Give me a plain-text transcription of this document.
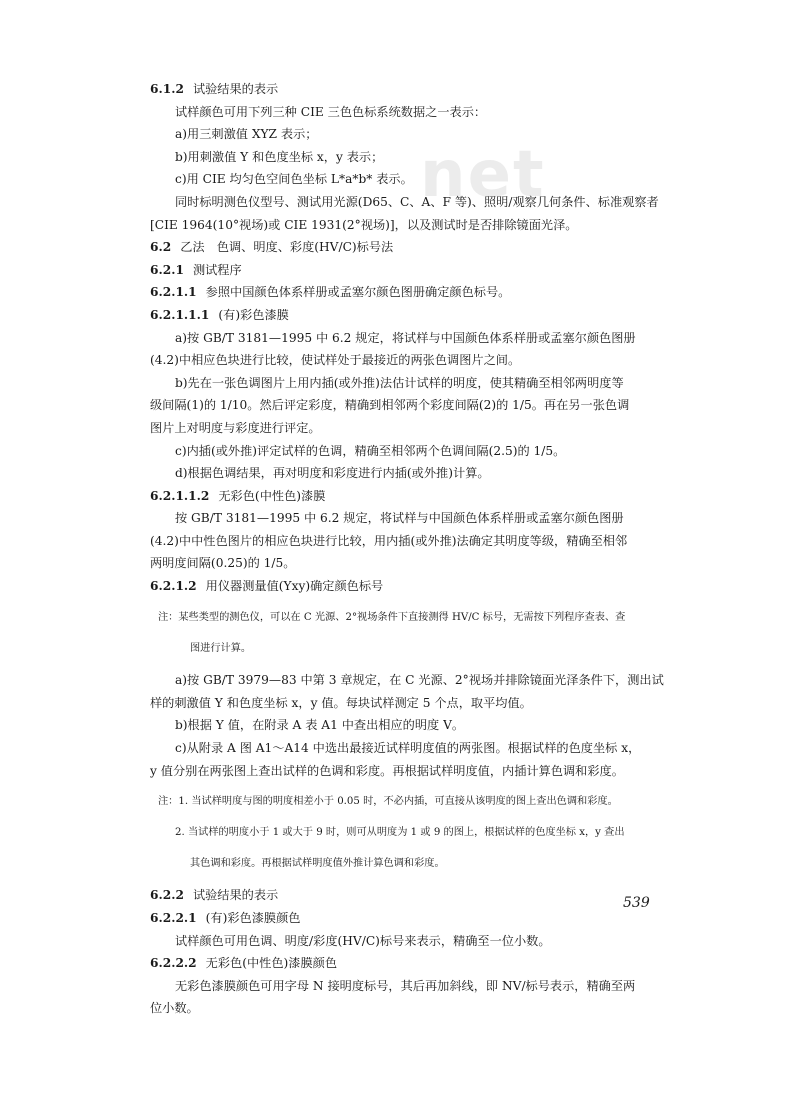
net

6.1.2 试验结果的表示

试样颜色可用下列三种 CIE 三色色标系统数据之一表示：

a)用三刺激值 XYZ 表示；

b)用刺激值 Y 和色度坐标 x，y 表示；

c)用 CIE 均匀色空间色坐标 L*a*b* 表示。

同时标明测色仪型号、测试用光源(D65、C、A、F 等)、照明/观察几何条件、标准观察者

[CIE 1964(10°视场)或 CIE 1931(2°视场)]，以及测试时是否排除镜面光泽。

6.2 乙法　色调、明度、彩度(HV/C)标号法

6.2.1 测试程序

6.2.1.1 参照中国颜色体系样册或孟塞尔颜色图册确定颜色标号。

6.2.1.1.1 (有)彩色漆膜

a)按 GB/T 3181—1995 中 6.2 规定，将试样与中国颜色体系样册或孟塞尔颜色图册

(4.2)中相应色块进行比较，使试样处于最接近的两张色调图片之间。

b)先在一张色调图片上用内插(或外推)法估计试样的明度，使其精确至相邻两明度等

级间隔(1)的 1/10。然后评定彩度，精确到相邻两个彩度间隔(2)的 1/5。再在另一张色调

图片上对明度与彩度进行评定。

c)内插(或外推)评定试样的色调，精确至相邻两个色调间隔(2.5)的 1/5。

d)根据色调结果，再对明度和彩度进行内插(或外推)计算。

6.2.1.1.2 无彩色(中性色)漆膜

按 GB/T 3181—1995 中 6.2 规定，将试样与中国颜色体系样册或孟塞尔颜色图册

(4.2)中中性色图片的相应色块进行比较，用内插(或外推)法确定其明度等级，精确至相邻

两明度间隔(0.25)的 1/5。

6.2.1.2 用仪器测量值(Yxy)确定颜色标号

注：某些类型的测色仪，可以在 C 光源、2°视场条件下直接测得 HV/C 标号，无需按下列程序查表、查

图进行计算。

a)按 GB/T 3979—83 中第 3 章规定，在 C 光源、2°视场并排除镜面光泽条件下，测出试

样的刺激值 Y 和色度坐标 x，y 值。每块试样测定 5 个点，取平均值。

b)根据 Y 值，在附录 A 表 A1 中查出相应的明度 V。

c)从附录 A 图 A1～A14 中选出最接近试样明度值的两张图。根据试样的色度坐标 x，

y 值分别在两张图上查出试样的色调和彩度。再根据试样明度值，内插计算色调和彩度。

注：1. 当试样明度与图的明度相差小于 0.05 时，不必内插，可直接从该明度的图上查出色调和彩度。

2. 当试样的明度小于 1 或大于 9 时，则可从明度为 1 或 9 的图上，根据试样的色度坐标 x，y 查出

其色调和彩度。再根据试样明度值外推计算色调和彩度。

6.2.2 试验结果的表示

6.2.2.1 (有)彩色漆膜颜色

试样颜色可用色调、明度/彩度(HV/C)标号来表示，精确至一位小数。

6.2.2.2 无彩色(中性色)漆膜颜色

无彩色漆膜颜色可用字母 N 接明度标号，其后再加斜线，即 NV/标号表示，精确至两

位小数。

539
